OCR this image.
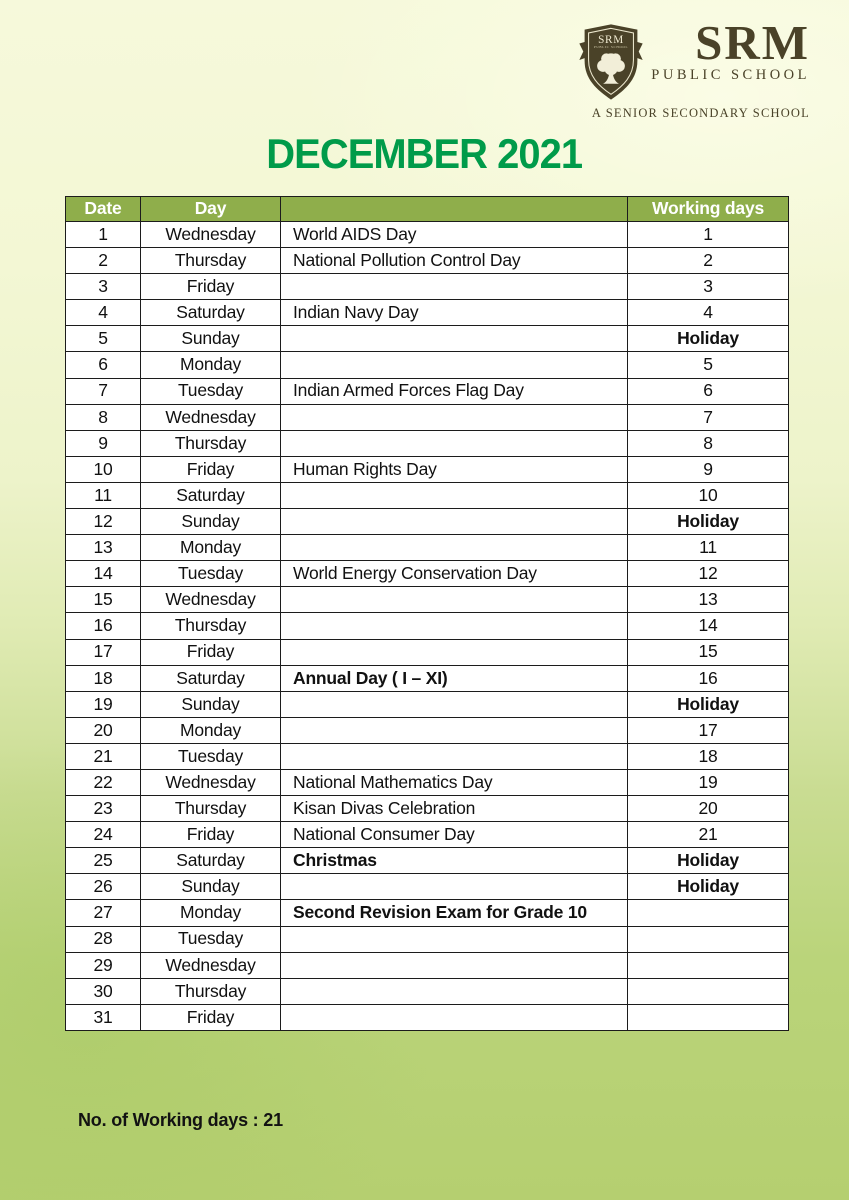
SRM
PUBLIC SCHOOL SRM
PUBLIC SCHOOL
A SENIOR SECONDARY SCHOOL
DECEMBER 2021
Date	Day		Working days
1	Wednesday	World AIDS Day	1
2	Thursday	National Pollution Control Day	2
3	Friday		3
4	Saturday	Indian Navy Day	4
5	Sunday		Holiday
6	Monday		5
7	Tuesday	Indian Armed Forces Flag Day	6
8	Wednesday		7
9	Thursday		8
10	Friday	Human Rights Day	9
11	Saturday		10
12	Sunday		Holiday
13	Monday		11
14	Tuesday	World Energy Conservation Day	12
15	Wednesday		13
16	Thursday		14
17	Friday		15
18	Saturday	Annual Day ( I – XI)	16
19	Sunday		Holiday
20	Monday		17
21	Tuesday		18
22	Wednesday	National Mathematics Day	19
23	Thursday	Kisan Divas Celebration	20
24	Friday	National Consumer Day	21
25	Saturday	Christmas	Holiday
26	Sunday		Holiday
27	Monday	Second Revision Exam for Grade 10	
28	Tuesday		
29	Wednesday		
30	Thursday		
31	Friday		
No. of Working days : 21
